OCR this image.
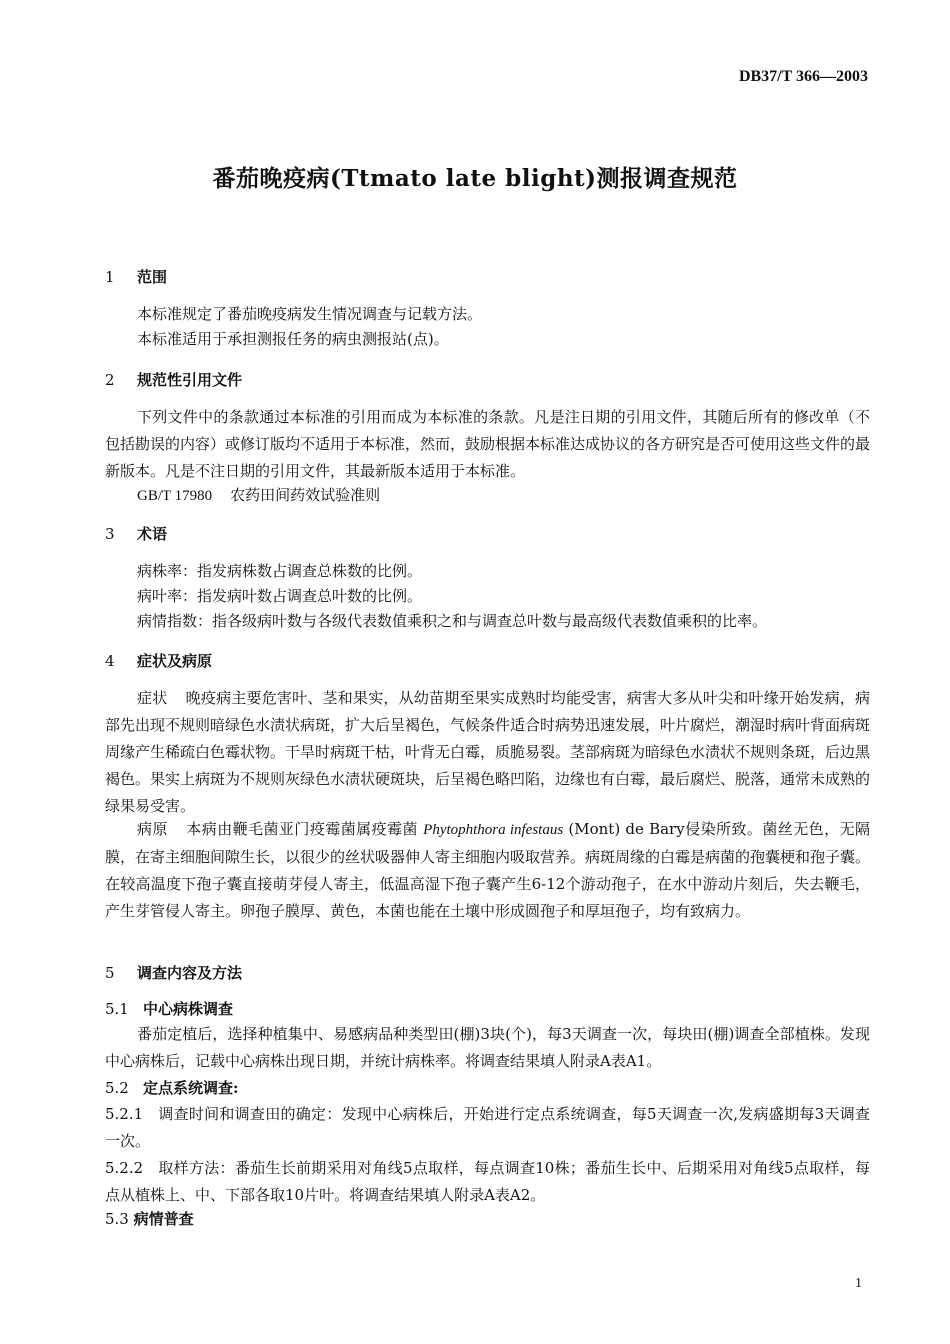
DB37/T 366—2003
番茄晚疫病(Ttmato late blight)测报调查规范
1 范围
本标准规定了番茄晚疫病发生情况调查与记载方法。
本标准适用于承担测报任务的病虫测报站(点)。
2 规范性引用文件
下列文件中的条款通过本标准的引用而成为本标准的条款。凡是注日期的引用文件，其随后所有的修改单（不包括勘误的内容）或修订版均不适用于本标准，然而，鼓励根据本标准达成协议的各方研究是否可使用这些文件的最新版本。凡是不注日期的引用文件，其最新版本适用于本标准。
GB/T 17980 农药田间药效试验准则
3 术语
病株率：指发病株数占调查总株数的比例。
病叶率：指发病叶数占调查总叶数的比例。
病情指数：指各级病叶数与各级代表数值乘积之和与调查总叶数与最高级代表数值乘积的比率。
4 症状及病原
症状 晚疫病主要危害叶、茎和果实，从幼苗期至果实成熟时均能受害，病害大多从叶尖和叶缘开始发病，病部先出现不规则暗绿色水渍状病斑，扩大后呈褐色，气候条件适合时病势迅速发展，叶片腐烂，潮湿时病叶背面病斑周缘产生稀疏白色霉状物。干旱时病斑干枯，叶背无白霉，质脆易裂。茎部病斑为暗绿色水渍状不规则条斑，后边黑褐色。果实上病斑为不规则灰绿色水渍状硬斑块，后呈褐色略凹陷，边缘也有白霉，最后腐烂、脱落，通常未成熟的绿果易受害。
病原 本病由鞭毛菌亚门疫霉菌属疫霉菌 Phytophthora infestaus (Mont) de Bary侵染所致。菌丝无色，无隔膜，在寄主细胞间隙生长，以很少的丝状吸器伸人寄主细胞内吸取营养。病斑周缘的白霉是病菌的孢囊梗和孢子囊。在较高温度下孢子囊直接萌芽侵人寄主，低温高湿下孢子囊产生6-12个游动孢子，在水中游动片刻后，失去鞭毛，产生芽管侵人寄主。卵孢子膜厚、黄色，本菌也能在土壤中形成圆孢子和厚垣孢子，均有致病力。
5 调查内容及方法
5.1 中心病株调查
番茄定植后，选择种植集中、易感病品种类型田(棚)3块(个)，每3天调查一次，每块田(棚)调查全部植株。发现中心病株后，记载中心病株出现日期，并统计病株率。将调查结果填人附录A表A1。
5.2 定点系统调查:
5.2.1 调查时间和调查田的确定：发现中心病株后，开始进行定点系统调查，每5天调查一次,发病盛期每3天调查一次。
5.2.2 取样方法：番茄生长前期采用对角线5点取样，每点调查10株；番茄生长中、后期采用对角线5点取样，每点从植株上、中、下部各取10片叶。将调查结果填人附录A表A2。
5.3 病情普查
1
